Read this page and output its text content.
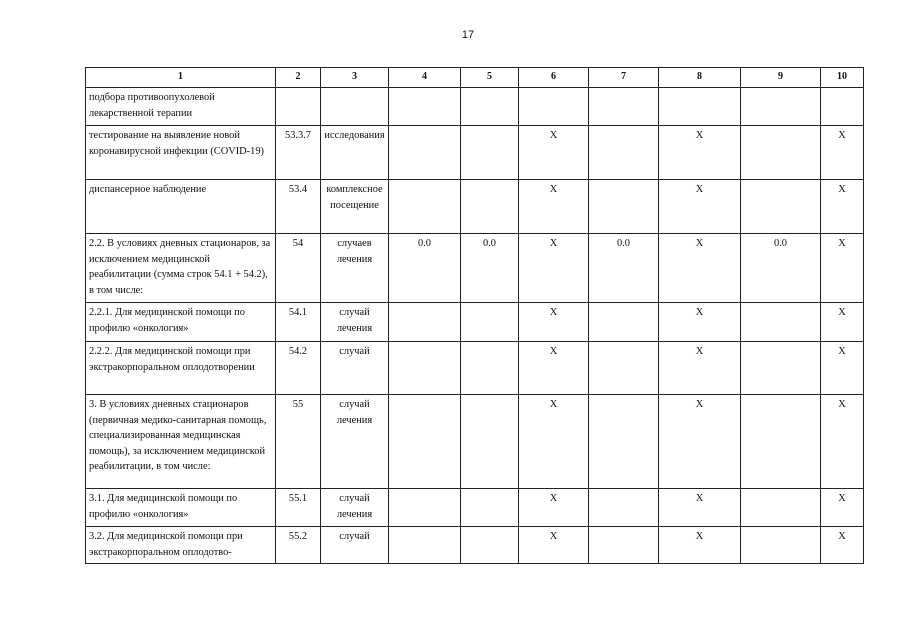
17
1	2	3	4	5	6	7	8	9	10
подбора противоопухолевой лекарственной терапии									
тестирование на выявление новой коронавирусной инфекции (COVID-19)	53.3.7	исследования			X		X		X
диспансерное наблюдение	53.4	комплексное посещение			X		X		X
2.2. В условиях дневных стационаров, за исключением медицинской реабилитации (сумма строк 54.1 + 54.2), в том числе:	54	случаев лечения	0.0	0.0	X	0.0	X	0.0	X
2.2.1. Для медицинской помощи по профилю «онкология»	54.1	случай лечения			X		X		X
2.2.2. Для медицинской помощи при экстракорпоральном оплодотворении	54.2	случай			X		X		X
3. В условиях дневных стационаров (первичная медико-санитарная помощь, специализированная медицинская помощь), за исключением медицинской реабилитации, в том числе:	55	случай лечения			X		X		X
3.1. Для медицинской помощи по профилю «онкология»	55.1	случай лечения			X		X		X
3.2. Для медицинской помощи при экстракорпоральном оплодотво-	55.2	случай			X		X		X
